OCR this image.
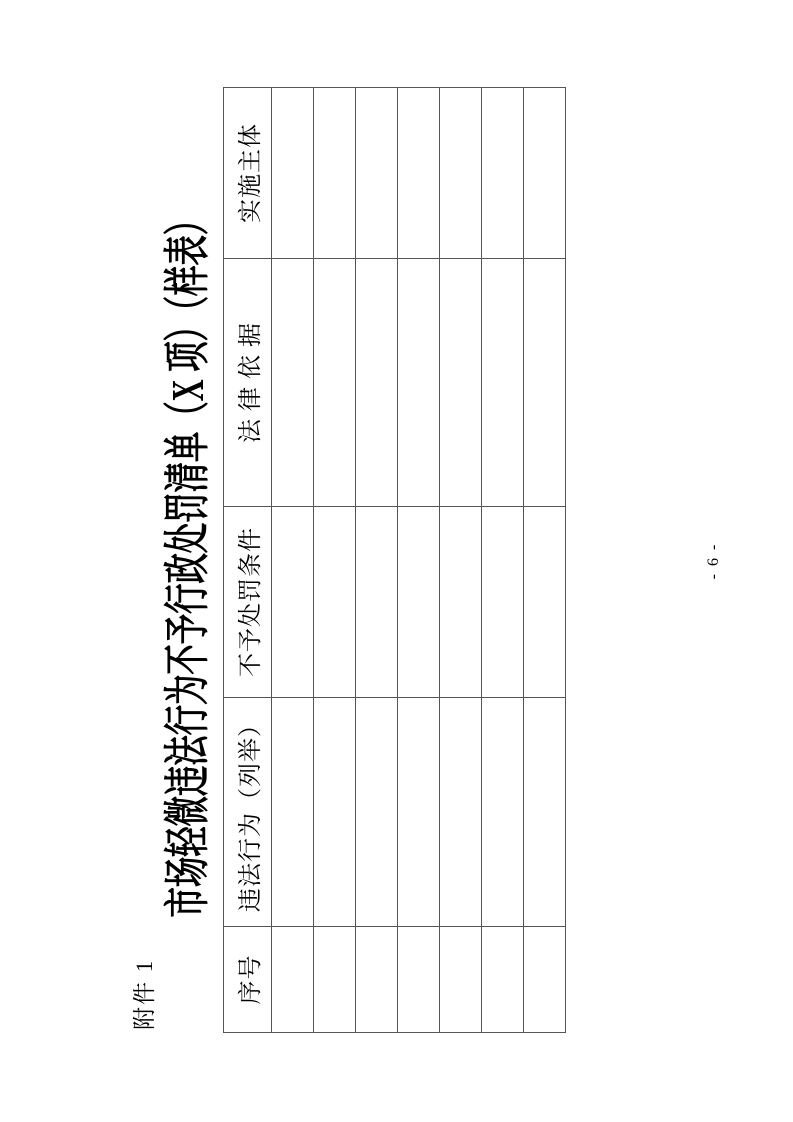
附件 1
市场轻微违法行为不予行政处罚清单（X 项）（样表）
序号	违法行为（列举）	不予处罚条件	法 律 依 据	实施主体

- 6 -
